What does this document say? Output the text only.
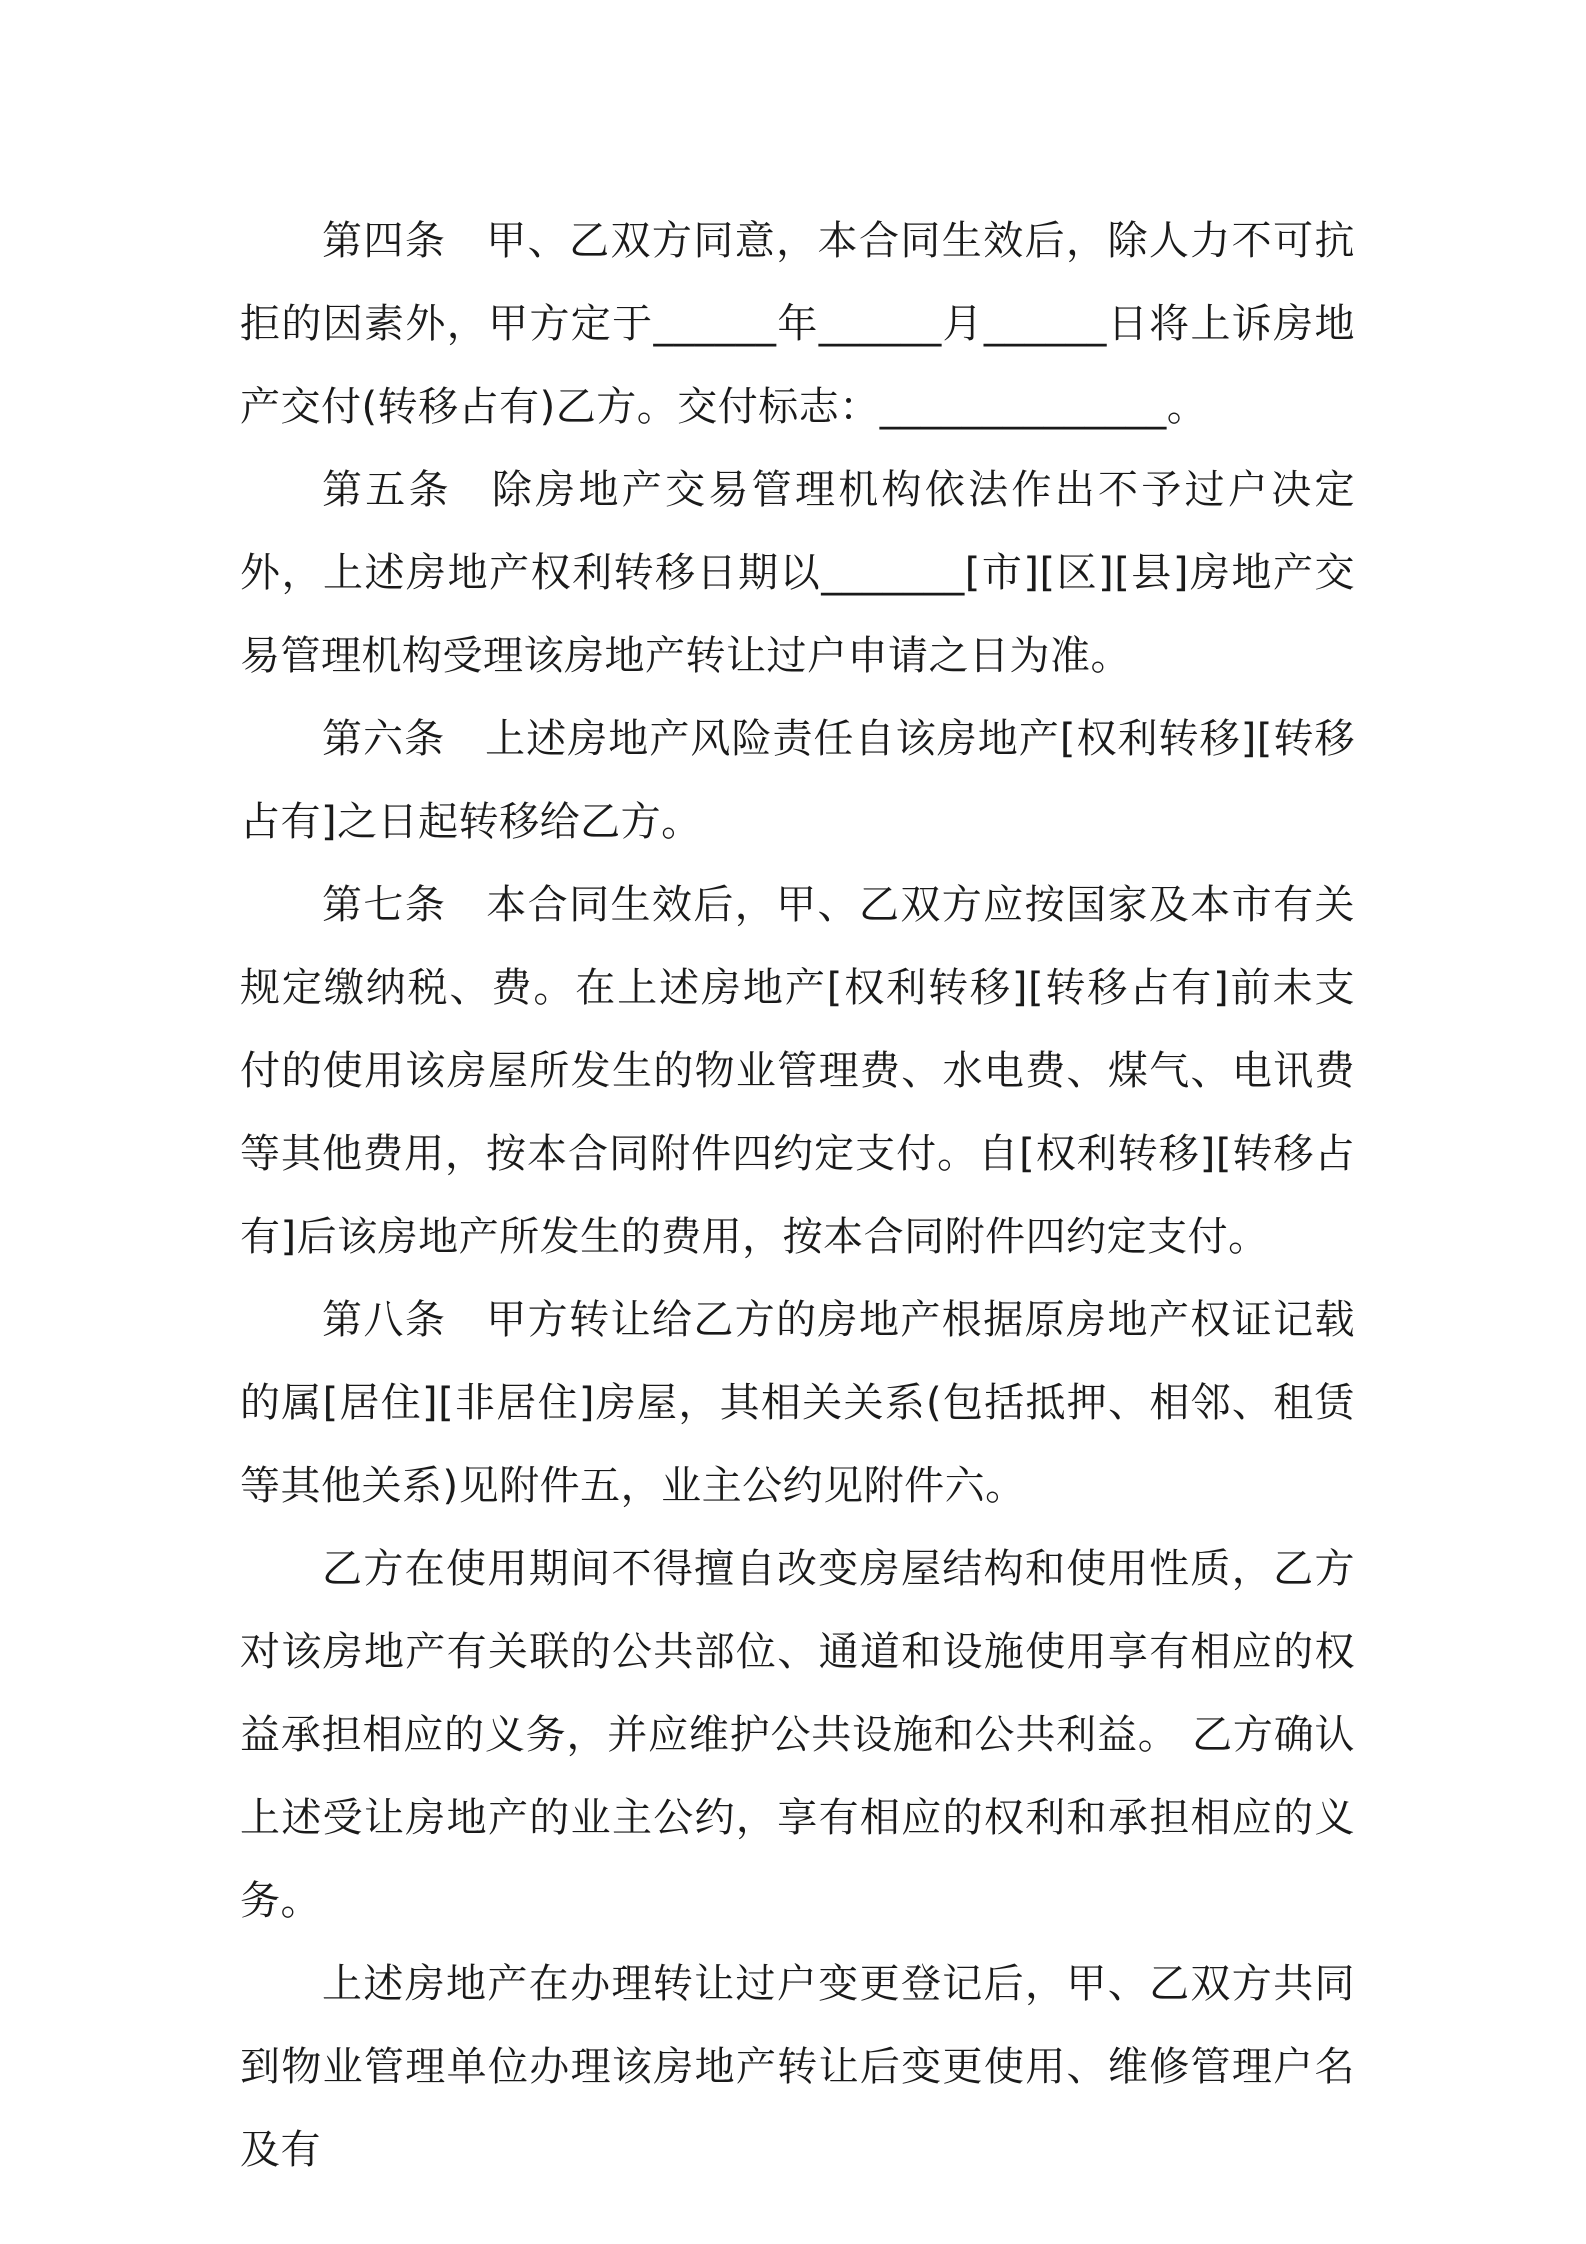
第四条 甲、乙双方同意，本合同生效后，除人力不可抗拒的因素外，甲方定于______年______月______日将上诉房地产交付(转移占有)乙方。交付标志：______________。

第五条 除房地产交易管理机构依法作出不予过户决定外，上述房地产权利转移日期以_______[市][区][县]房地产交易管理机构受理该房地产转让过户申请之日为准。

第六条 上述房地产风险责任自该房地产[权利转移][转移占有]之日起转移给乙方。

第七条 本合同生效后，甲、乙双方应按国家及本市有关规定缴纳税、费。在上述房地产[权利转移][转移占有]前未支付的使用该房屋所发生的物业管理费、水电费、煤气、电讯费等其他费用，按本合同附件四约定支付。自[权利转移][转移占有]后该房地产所发生的费用，按本合同附件四约定支付。

第八条 甲方转让给乙方的房地产根据原房地产权证记载的属[居住][非居住]房屋，其相关关系(包括抵押、相邻、租赁等其他关系)见附件五，业主公约见附件六。

乙方在使用期间不得擅自改变房屋结构和使用性质，乙方对该房地产有关联的公共部位、通道和设施使用享有相应的权益承担相应的义务，并应维护公共设施和公共利益。 乙方确认上述受让房地产的业主公约，享有相应的权利和承担相应的义务。

上述房地产在办理转让过户变更登记后，甲、乙双方共同到物业管理单位办理该房地产转让后变更使用、维修管理户名及有
